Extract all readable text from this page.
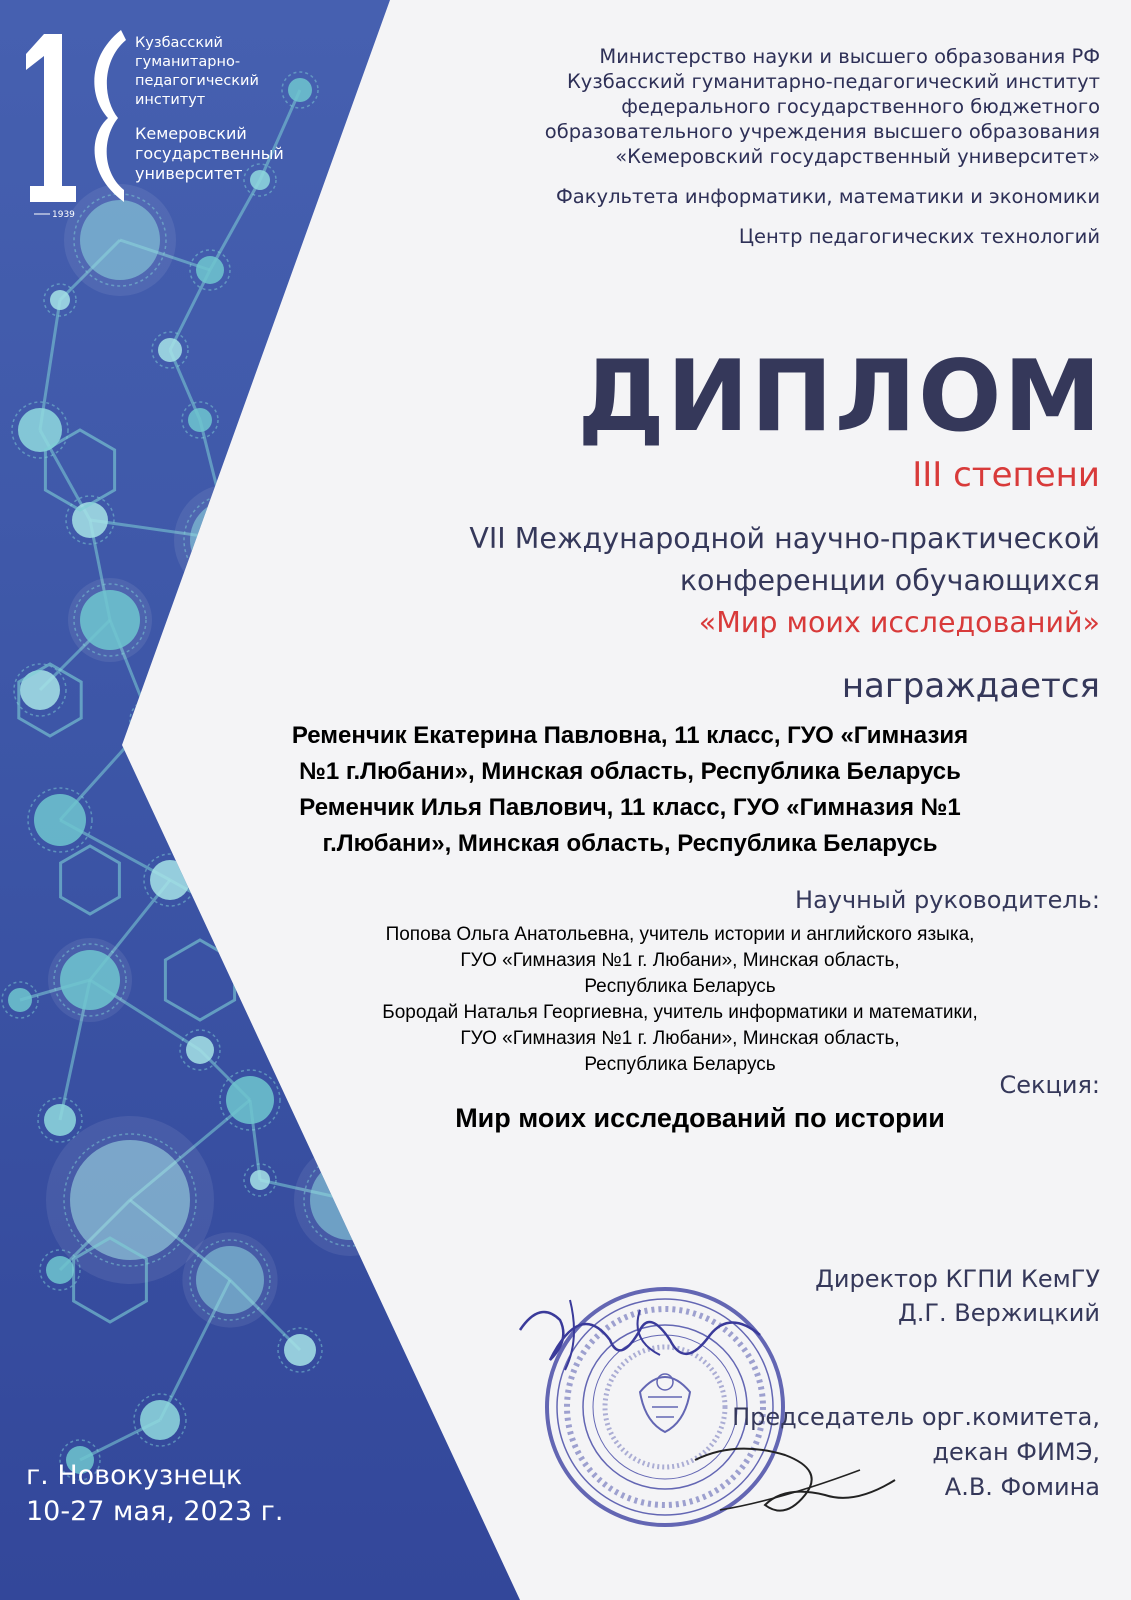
Кузбасский
гуманитарно-
педагогический
институт
Кемеровский
государственный
университет
1939
Министерство науки и высшего образования РФ
Кузбасский гуманитарно-педагогический институт
федерального государственного бюджетного
образовательного учреждения высшего образования
«Кемеровский государственный университет»
Факультета информатики, математики и экономики
Центр педагогических технологий
ДИПЛОМ
III степени
VII Международной научно-практической
конференции обучающихся
«Мир моих исследований»
награждается
Ременчик Екатерина Павловна, 11 класс, ГУО «Гимназия
№1 г.Любани», Минская область, Республика Беларусь
Ременчик Илья Павлович, 11 класс, ГУО «Гимназия №1
г.Любани», Минская область, Республика Беларусь
Научный руководитель:
Попова Ольга Анатольевна, учитель истории и английского языка,
ГУО «Гимназия №1 г. Любани», Минская область,
Республика Беларусь
Бородай Наталья Георгиевна, учитель информатики и математики,
ГУО «Гимназия №1 г. Любани», Минская область,
Республика Беларусь
Секция:
Мир моих исследований по истории
Директор КГПИ КемГУ
Д.Г. Вержицкий
Председатель орг.комитета,
декан ФИМЭ,
А.В. Фомина
г. Новокузнецк
10-27 мая, 2023 г.
